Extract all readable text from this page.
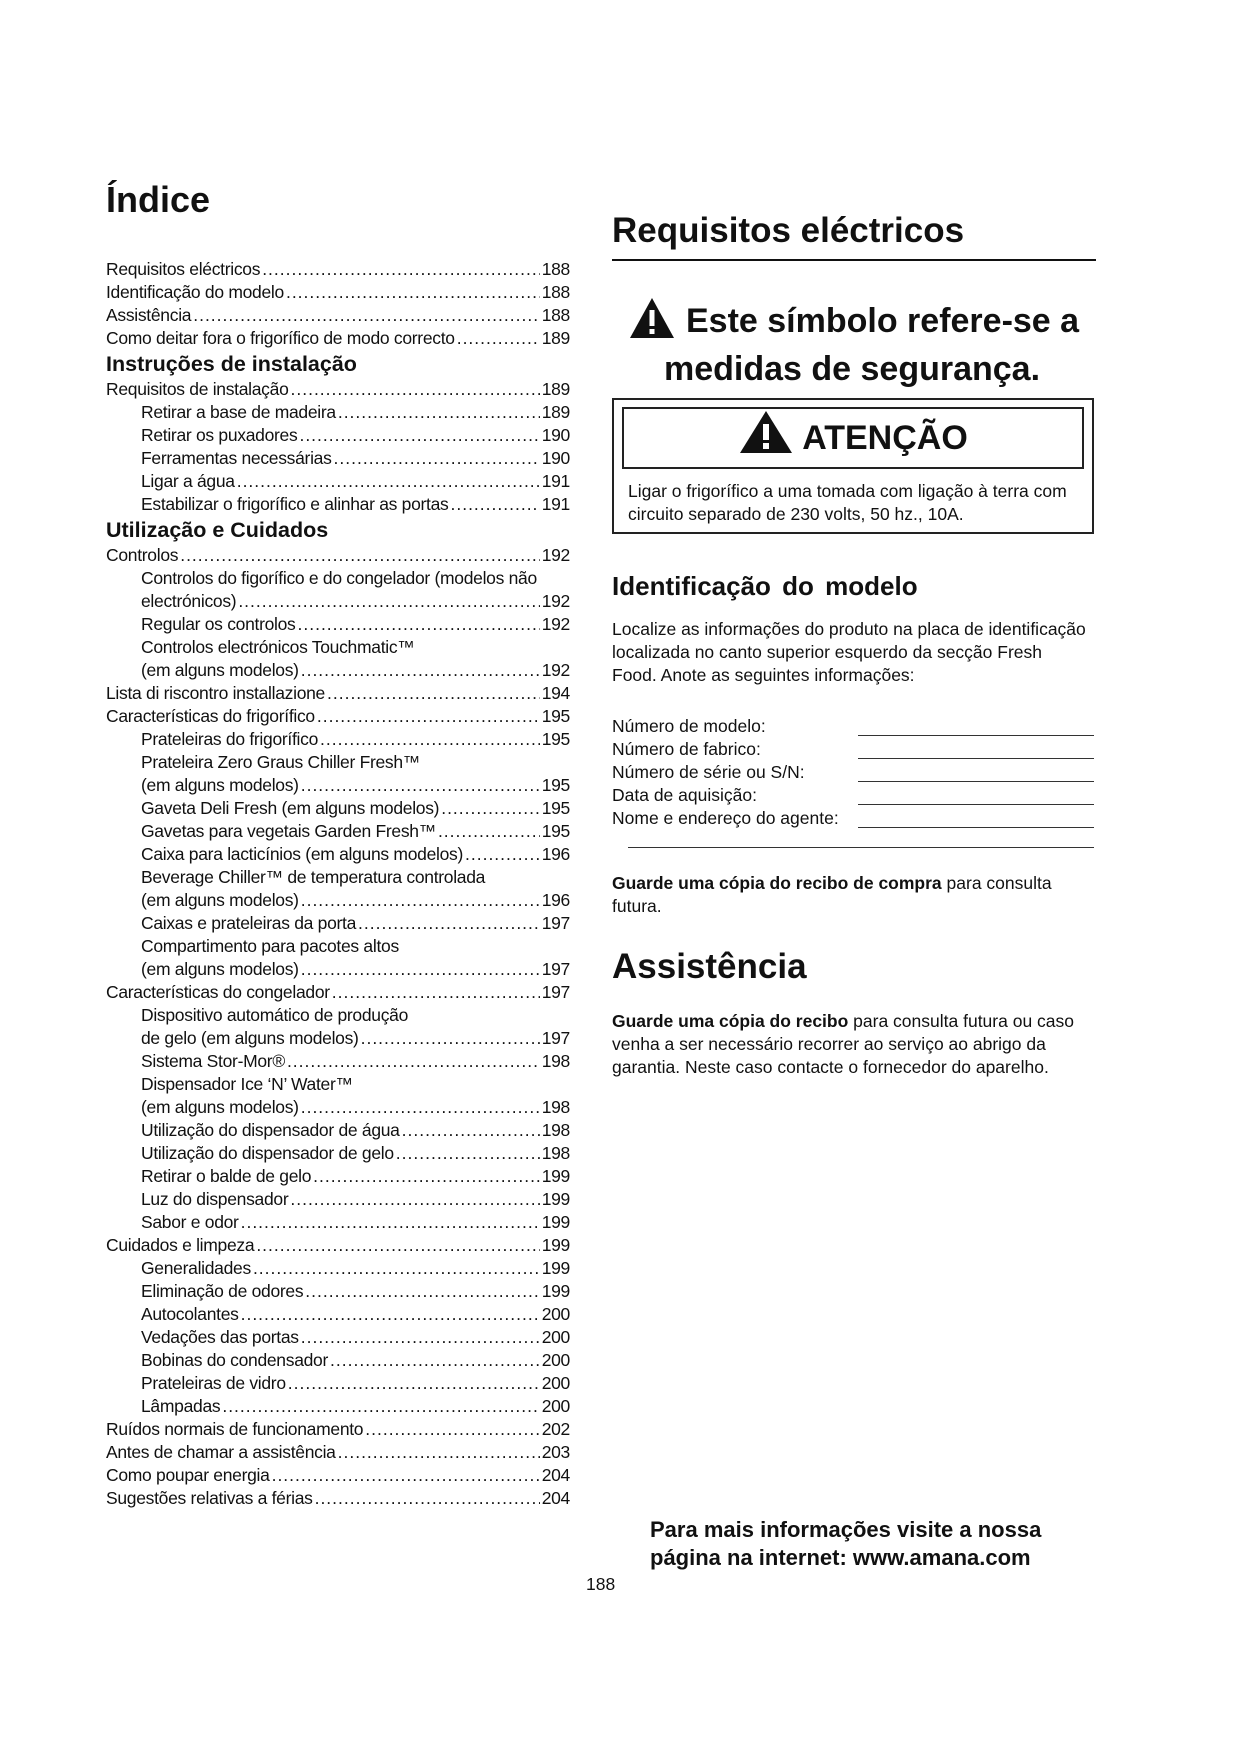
Índice
Requisitos eléctricos .....	188
Identificação do modelo .....	188
Assistência .....	188
Como deitar fora o frigorífico de modo correcto .....	189
Instruções de instalação
Requisitos de instalação .....	189
Retirar a base de madeira .....	189
Retirar os puxadores .....	190
Ferramentas necessárias .....	190
Ligar a água .....	191
Estabilizar o frigorífico e alinhar as portas .....	191
Utilização e Cuidados
Controlos .....	192
Controlos do figorífico e do congelador (modelos não
electrónicos) .....	192
Regular os controlos .....	192
Controlos electrónicos Touchmatic™
(em alguns modelos) .....	192
Lista di riscontro installazione .....	194
Características do frigorífico .....	195
Prateleiras do frigorífico .....	195
Prateleira Zero Graus Chiller Fresh™
(em alguns modelos) .....	195
Gaveta Deli Fresh (em alguns modelos) .....	195
Gavetas para vegetais Garden Fresh™ .....	195
Caixa para lacticínios (em alguns modelos) .....	196
Beverage Chiller™ de temperatura controlada
(em alguns modelos) .....	196
Caixas e prateleiras da porta .....	197
Compartimento para pacotes altos
(em alguns modelos) .....	197
Características do congelador .....	197
Dispositivo automático de produção
de gelo (em alguns modelos) .....	197
Sistema Stor-Mor® .....	198
Dispensador Ice ‘N’ Water™
(em alguns modelos) .....	198
Utilização do dispensador de água .....	198
Utilização do dispensador de gelo .....	198
Retirar o balde de gelo .....	199
Luz do dispensador .....	199
Sabor e odor .....	199
Cuidados e limpeza .....	199
Generalidades .....	199
Eliminação de odores .....	199
Autocolantes .....	200
Vedações das portas .....	200
Bobinas do condensador .....	200
Prateleiras de vidro .....	200
Lâmpadas .....	200
Ruídos normais de funcionamento .....	202
Antes de chamar a assistência .....	203
Como poupar energia .....	204
Sugestões relativas a férias .....	204
Requisitos eléctricos
Este símbolo refere-se a
medidas de segurança.
ATENÇÃO
Ligar o frigorífico a uma tomada com ligação à terra com circuito separado de 230 volts, 50 hz., 10A.
Identificação do modelo

Localize as informações do produto na placa de identificação localizada no canto superior esquerdo da secção Fresh Food. Anote as seguintes informações:

Número de modelo:
Número de fabrico:
Número de série ou S/N:
Data de aquisição:
Nome e endereço do agente:

Guarde uma cópia do recibo de compra para consulta futura.

Assistência

Guarde uma cópia do recibo para consulta futura ou caso venha a ser necessário recorrer ao serviço ao abrigo da garantia. Neste caso contacte o fornecedor do aparelho.

Para mais informações visite a nossa
página na internet: www.amana.com
188
